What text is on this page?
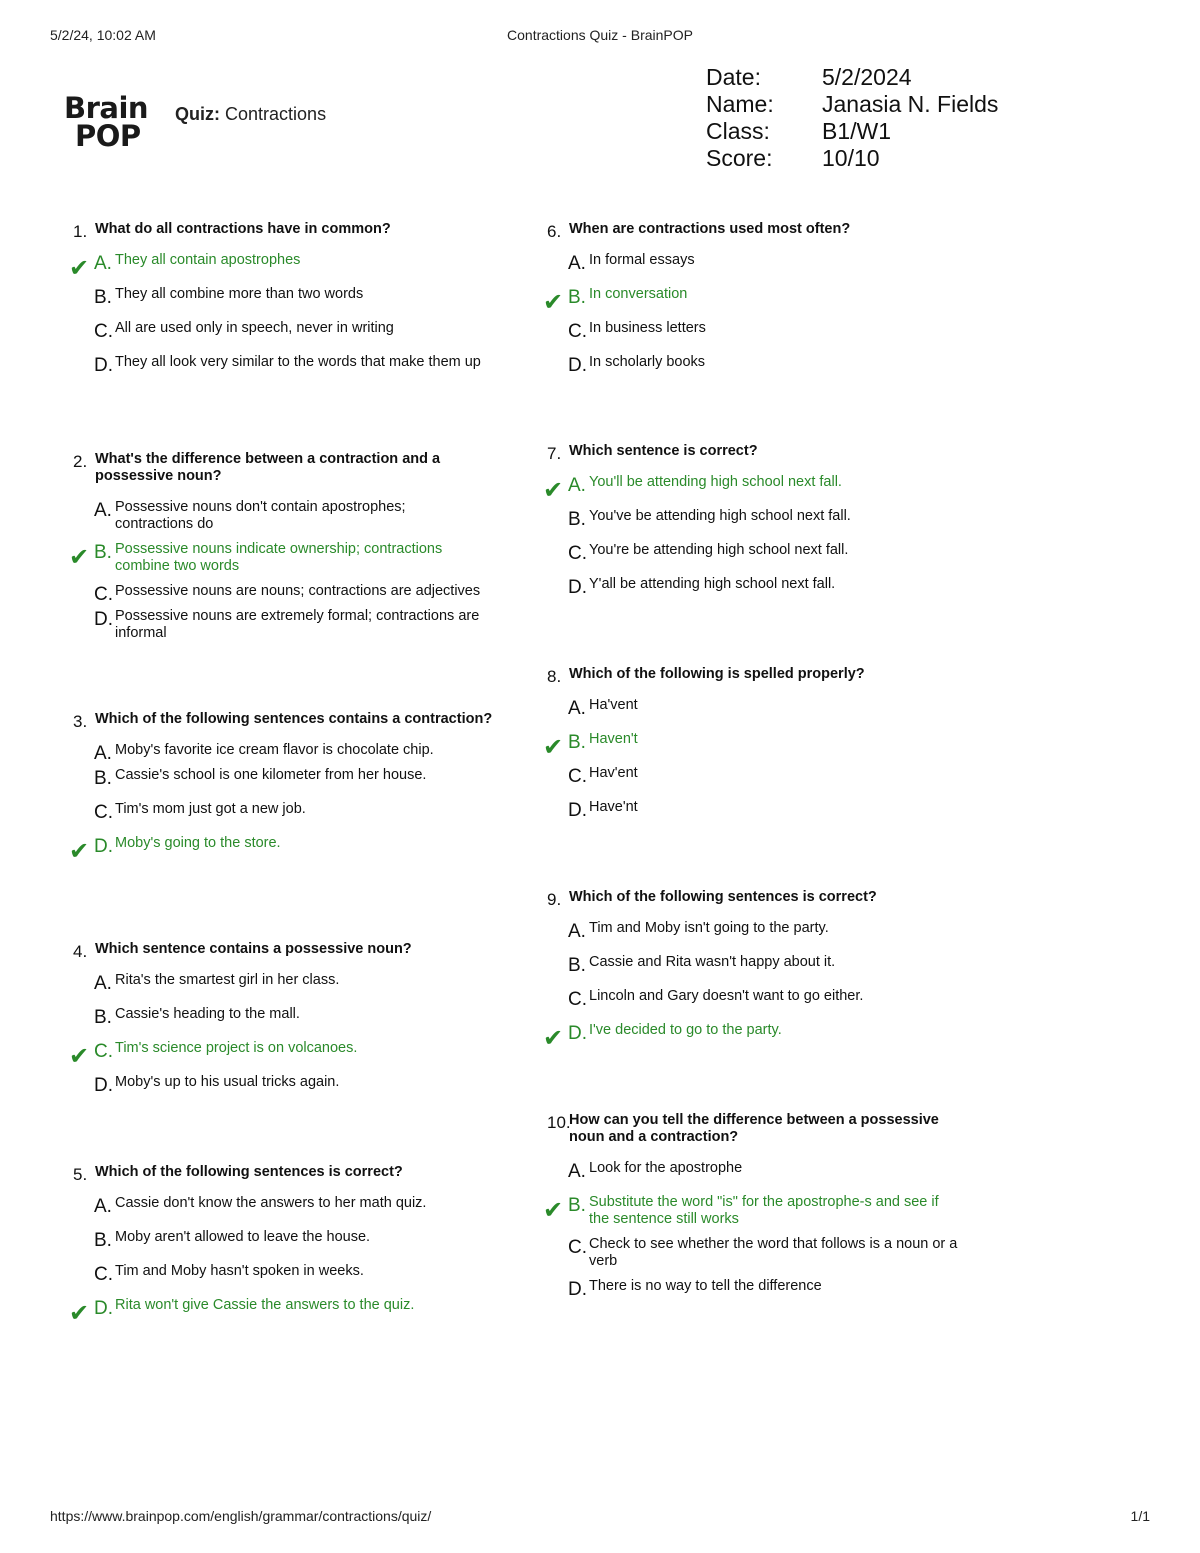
5/2/24, 10:02 AM	Contractions Quiz - BrainPOP
Brain
POP
Quiz: Contractions
Date:	5/2/2024
Name:	Janasia N. Fields
Class:	B1/W1
Score:	10/10
1. What do all contractions have in common?
✔ A. They all contain apostrophes
B. They all combine more than two words
C. All are used only in speech, never in writing
D. They all look very similar to the words that make them up
2. What's the difference between a contraction and a possessive noun?
A. Possessive nouns don't contain apostrophes; contractions do
✔ B. Possessive nouns indicate ownership; contractions combine two words
C. Possessive nouns are nouns; contractions are adjectives
D. Possessive nouns are extremely formal; contractions are informal
3. Which of the following sentences contains a contraction?
A. Moby's favorite ice cream flavor is chocolate chip.
B. Cassie's school is one kilometer from her house.
C. Tim's mom just got a new job.
✔ D. Moby's going to the store.
4. Which sentence contains a possessive noun?
A. Rita's the smartest girl in her class.
B. Cassie's heading to the mall.
✔ C. Tim's science project is on volcanoes.
D. Moby's up to his usual tricks again.
5. Which of the following sentences is correct?
A. Cassie don't know the answers to her math quiz.
B. Moby aren't allowed to leave the house.
C. Tim and Moby hasn't spoken in weeks.
✔ D. Rita won't give Cassie the answers to the quiz.
6. When are contractions used most often?
A. In formal essays
✔ B. In conversation
C. In business letters
D. In scholarly books
7. Which sentence is correct?
✔ A. You'll be attending high school next fall.
B. You've be attending high school next fall.
C. You're be attending high school next fall.
D. Y'all be attending high school next fall.
8. Which of the following is spelled properly?
A. Ha'vent
✔ B. Haven't
C. Hav'ent
D. Have'nt
9. Which of the following sentences is correct?
A. Tim and Moby isn't going to the party.
B. Cassie and Rita wasn't happy about it.
C. Lincoln and Gary doesn't want to go either.
✔ D. I've decided to go to the party.
10.
How can you tell the difference between a possessive noun and a contraction?
A. Look for the apostrophe
✔ B. Substitute the word "is" for the apostrophe-s and see if the sentence still works
C. Check to see whether the word that follows is a noun or a verb
D. There is no way to tell the difference
https://www.brainpop.com/english/grammar/contractions/quiz/	1/1
